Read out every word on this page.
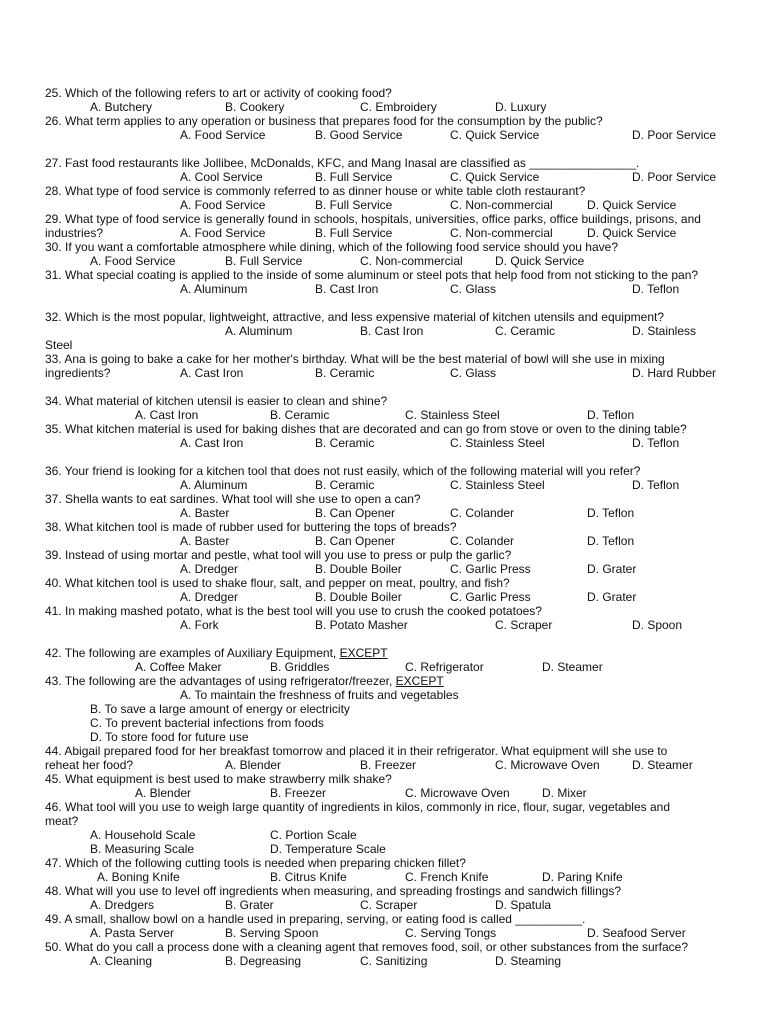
25. Which of the following refers to art or activity of cooking food?
A. Butchery	B. Cookery	C. Embroidery	D. Luxury
26. What term applies to any operation or business that prepares food for the consumption by the public?
A. Food Service	B. Good Service	C. Quick Service	D. Poor Service
27. Fast food restaurants like Jollibee, McDonalds, KFC, and Mang Inasal are classified as ________________.
A. Cool Service	B. Full Service	C. Quick Service	D. Poor Service
28. What type of food service is commonly referred to as dinner house or white table cloth restaurant?
A. Food Service	B. Full Service	C. Non-commercial	D. Quick Service
29. What type of food service is generally found in schools, hospitals, universities, office parks, office buildings, prisons, and
industries?	A. Food Service	B. Full Service	C. Non-commercial	D. Quick Service
30. If you want a comfortable atmosphere while dining, which of the following food service should you have?
A. Food Service	B. Full Service	C. Non-commercial	D. Quick Service
31. What special coating is applied to the inside of some aluminum or steel pots that help food from not sticking to the pan?
A. Aluminum	B. Cast Iron	C. Glass	D. Teflon
32. Which is the most popular, lightweight, attractive, and less expensive material of kitchen utensils and equipment?
A. Aluminum	B. Cast Iron	C. Ceramic	D. Stainless
Steel
33. Ana is going to bake a cake for her mother's birthday. What will be the best material of bowl will she use in mixing
ingredients?	A. Cast Iron	B. Ceramic	C. Glass	D. Hard Rubber
34. What material of kitchen utensil is easier to clean and shine?
A. Cast Iron	B. Ceramic	C. Stainless Steel	D. Teflon
35. What kitchen material is used for baking dishes that are decorated and can go from stove or oven to the dining table?
A. Cast Iron	B. Ceramic	C. Stainless Steel	D. Teflon
36. Your friend is looking for a kitchen tool that does not rust easily, which of the following material will you refer?
A. Aluminum	B. Ceramic	C. Stainless Steel	D. Teflon
37. Shella wants to eat sardines. What tool will she use to open a can?
A. Baster	B. Can Opener	C. Colander	D. Teflon
38. What kitchen tool is made of rubber used for buttering the tops of breads?
A. Baster	B. Can Opener	C. Colander	D. Teflon
39. Instead of using mortar and pestle, what tool will you use to press or pulp the garlic?
A. Dredger	B. Double Boiler	C. Garlic Press	D. Grater
40. What kitchen tool is used to shake flour, salt, and pepper on meat, poultry, and fish?
A. Dredger	B. Double Boiler	C. Garlic Press	D. Grater
41. In making mashed potato, what is the best tool will you use to crush the cooked potatoes?
A. Fork	B. Potato Masher	C. Scraper	D. Spoon
42. The following are examples of Auxiliary Equipment, EXCEPT
A. Coffee Maker	B. Griddles	C. Refrigerator	D. Steamer
43. The following are the advantages of using refrigerator/freezer, EXCEPT
A. To maintain the freshness of fruits and vegetables
B. To save a large amount of energy or electricity
C. To prevent bacterial infections from foods
D. To store food for future use
44. Abigail prepared food for her breakfast tomorrow and placed it in their refrigerator. What equipment will she use to
reheat her food?	A. Blender	B. Freezer	C. Microwave Oven	D. Steamer
45. What equipment is best used to make strawberry milk shake?
A. Blender	B. Freezer	C. Microwave Oven	D. Mixer
46. What tool will you use to weigh large quantity of ingredients in kilos, commonly in rice, flour, sugar, vegetables and
meat?
A. Household Scale	C. Portion Scale
B. Measuring Scale	D. Temperature Scale
47. Which of the following cutting tools is needed when preparing chicken fillet?
A. Boning Knife	B. Citrus Knife	C. French Knife	D. Paring Knife
48. What will you use to level off ingredients when measuring, and spreading frostings and sandwich fillings?
A. Dredgers	B. Grater	C. Scraper	D. Spatula
49. A small, shallow bowl on a handle used in preparing, serving, or eating food is called __________.
A. Pasta Server	B. Serving Spoon	C. Serving Tongs	D. Seafood Server
50. What do you call a process done with a cleaning agent that removes food, soil, or other substances from the surface?
A. Cleaning	B. Degreasing	C. Sanitizing	D. Steaming
